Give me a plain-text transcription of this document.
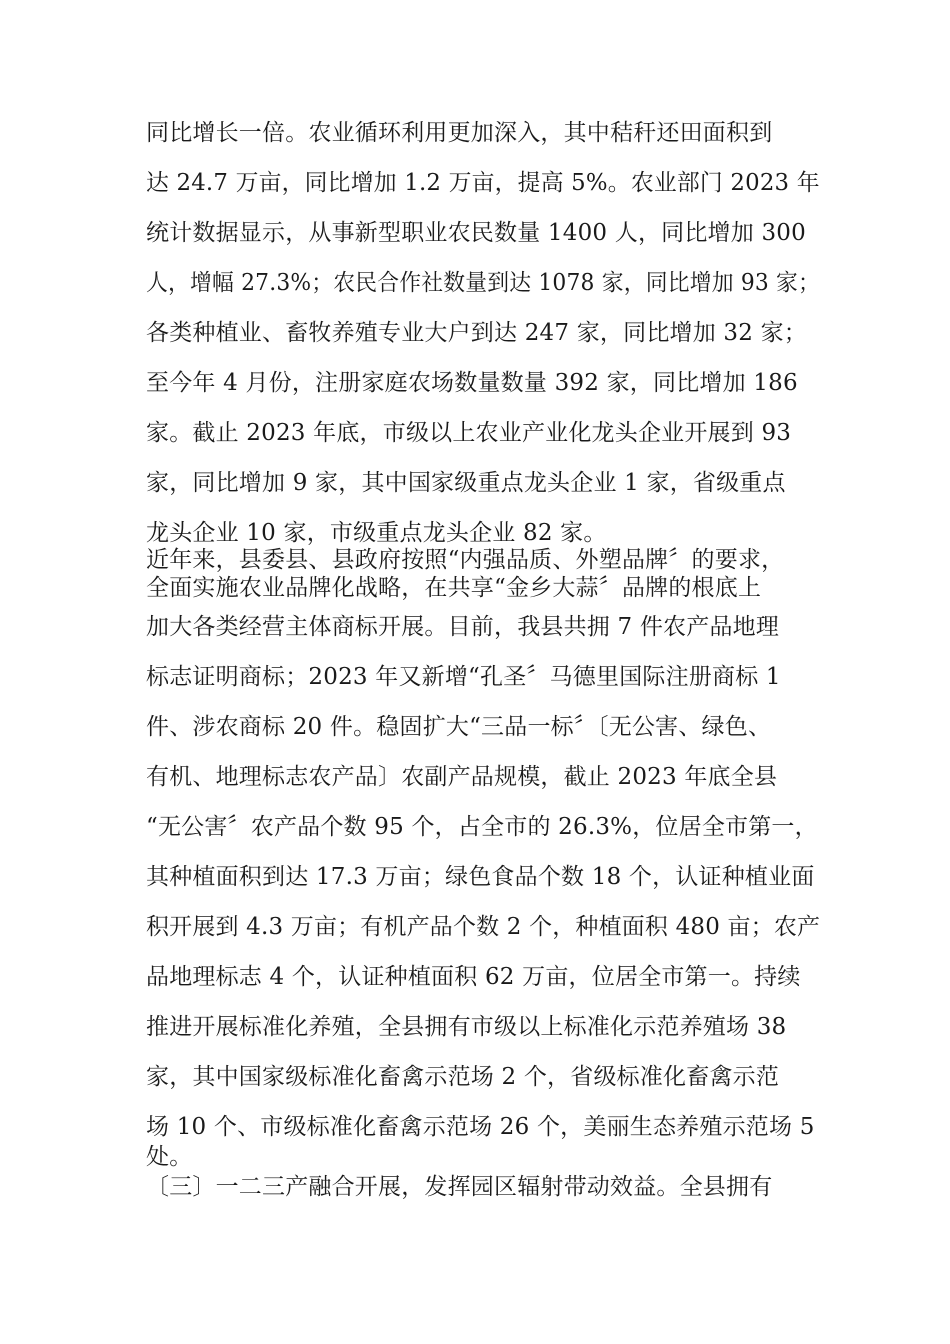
同比增长一倍。农业循环利用更加深入，其中秸秆还田面积到
达 24.7 万亩，同比增加 1.2 万亩，提高 5%。农业部门 2023 年
统计数据显示，从事新型职业农民数量 1400 人，同比增加 300
人，增幅 27.3%；农民合作社数量到达 1078 家，同比增加 93 家；
各类种植业、畜牧养殖专业大户到达 247 家，同比增加 32 家；
至今年 4 月份，注册家庭农场数量数量 392 家，同比增加 186
家。截止 2023 年底，市级以上农业产业化龙头企业开展到 93
家，同比增加 9 家，其中国家级重点龙头企业 1 家，省级重点
龙头企业 10 家，市级重点龙头企业 82 家。
近年来，县委县、县政府按照“内强品质、外塑品牌〞的要求，
全面实施农业品牌化战略，在共享“金乡大蒜〞品牌的根底上
加大各类经营主体商标开展。目前，我县共拥 7 件农产品地理
标志证明商标；2023 年又新增“孔圣〞马德里国际注册商标 1
件、涉农商标 20 件。稳固扩大“三品一标〞〔无公害、绿色、
有机、地理标志农产品〕农副产品规模，截止 2023 年底全县
“无公害〞农产品个数 95 个，占全市的 26.3%，位居全市第一，
其种植面积到达 17.3 万亩；绿色食品个数 18 个，认证种植业面
积开展到 4.3 万亩；有机产品个数 2 个，种植面积 480 亩；农产
品地理标志 4 个，认证种植面积 62 万亩，位居全市第一。持续
推进开展标准化养殖，全县拥有市级以上标准化示范养殖场 38
家，其中国家级标准化畜禽示范场 2 个，省级标准化畜禽示范
场 10 个、市级标准化畜禽示范场 26 个，美丽生态养殖示范场 5
处。
〔三〕一二三产融合开展，发挥园区辐射带动效益。全县拥有
